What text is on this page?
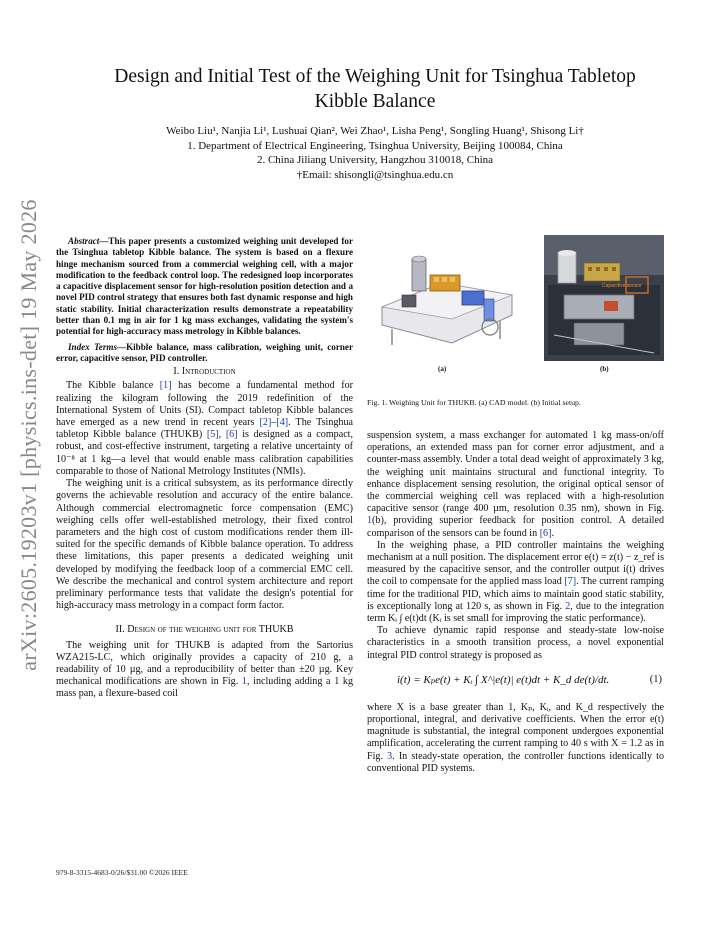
arXiv:2605.19203v1 [physics.ins-det] 19 May 2026
Design and Initial Test of the Weighing Unit for Tsinghua Tabletop
Kibble Balance
Weibo Liu¹, Nanjia Li¹, Lushuai Qian², Wei Zhao¹, Lisha Peng¹, Songling Huang¹, Shisong Li†
1. Department of Electrical Engineering, Tsinghua University, Beijing 100084, China
2. China Jiliang University, Hangzhou 310018, China
†Email: shisongli@tsinghua.edu.cn

Abstract—This paper presents a customized weighing unit developed for the Tsinghua tabletop Kibble balance. The system is based on a flexure hinge mechanism sourced from a commercial weighing cell, with a major modification to the feedback control loop. The redesigned loop incorporates a capacitive displacement sensor for high-resolution position detection and a novel PID control strategy that ensures both fast dynamic response and high static stability. Initial characterization results demonstrate a repeatability better than 0.1 mg in air for 1 kg mass exchanges, validating the system's potential for high-accuracy mass metrology in Kibble balances.

Index Terms—Kibble balance, mass calibration, weighing unit, corner error, capacitive sensor, PID controller.

I. Introduction

The Kibble balance [1] has become a fundamental method for realizing the kilogram following the 2019 redefinition of the International System of Units (SI). Compact tabletop Kibble balances have emerged as a new trend in recent years [2]–[4]. The Tsinghua tabletop Kibble balance (THUKB) [5], [6] is designed as a compact, robust, and cost-effective instrument, targeting a relative uncertainty of 10⁻⁸ at 1 kg—a level that would enable mass calibration capabilities comparable to those of National Metrology Institutes (NMIs).

The weighing unit is a critical subsystem, as its performance directly governs the achievable resolution and accuracy of the entire balance. Although commercial electromagnetic force compensation (EMC) weighing cells offer well-established metrology, their fixed control parameters and the high cost of custom modifications render them ill-suited for the specific demands of Kibble balance operation. To address these limitations, this paper presents a dedicated weighing unit developed by modifying the feedback loop of a commercial EMC cell. We describe the mechanical and control system architecture and report preliminary performance tests that validate the design's potential for high-accuracy mass metrology in a compact form factor.

II. Design of the weighing unit for THUKB

The weighing unit for THUKB is adapted from the Sartorius WZA215-LC, which originally provides a capacity of 210 g, a readability of 10 µg, and a reproducibility of better than ±20 µg. Key mechanical modifications are shown in Fig. 1, including adding a 1 kg mass pan, a flexure-based coil

979-8-3315-4683-0/26/$31.00 ©2026 IEEE
(a)
Capacitive sensor
(b)
Fig. 1. Weighing Unit for THUKB. (a) CAD model. (b) Initial setup.

suspension system, a mass exchanger for automated 1 kg mass-on/off operations, an extended mass pan for corner error adjustment, and a counter-mass assembly. Under a total dead weight of approximately 3 kg, the weighing unit maintains structural and functional integrity. To enhance displacement sensing resolution, the original optical sensor of the commercial weighing cell was replaced with a high-resolution capacitive sensor (range 400 µm, resolution 0.35 nm), shown in Fig. 1(b), providing superior feedback for position control. A detailed comparison of the sensors can be found in [6].

In the weighing phase, a PID controller maintains the weighing mechanism at a null position. The displacement error e(t) = z(t) − z_ref is measured by the capacitive sensor, and the controller output i(t) drives the coil to compensate for the applied mass load [7]. The current ramping time for the traditional PID, which aims to maintain good static stability, is exceptionally long at 120 s, as shown in Fig. 2, due to the integration term Kᵢ ∫ e(t)dt (Kᵢ is set small for improving the static performance).

To achieve dynamic rapid response and steady-state low-noise characteristics in a smooth transition process, a novel exponential integral PID control strategy is proposed as

i(t) = Kₚe(t) + Kᵢ ∫ X^|e(t)| e(t)dt + K_d de(t)/dt.	(1)

where X is a base greater than 1, Kₚ, Kᵢ, and K_d respectively the proportional, integral, and derivative coefficients. When the error e(t) magnitude is substantial, the integral component undergoes exponential amplification, accelerating the current ramping to 40 s with X = 1.2 as in Fig. 3. In steady-state operation, the controller functions identically to conventional PID systems.
